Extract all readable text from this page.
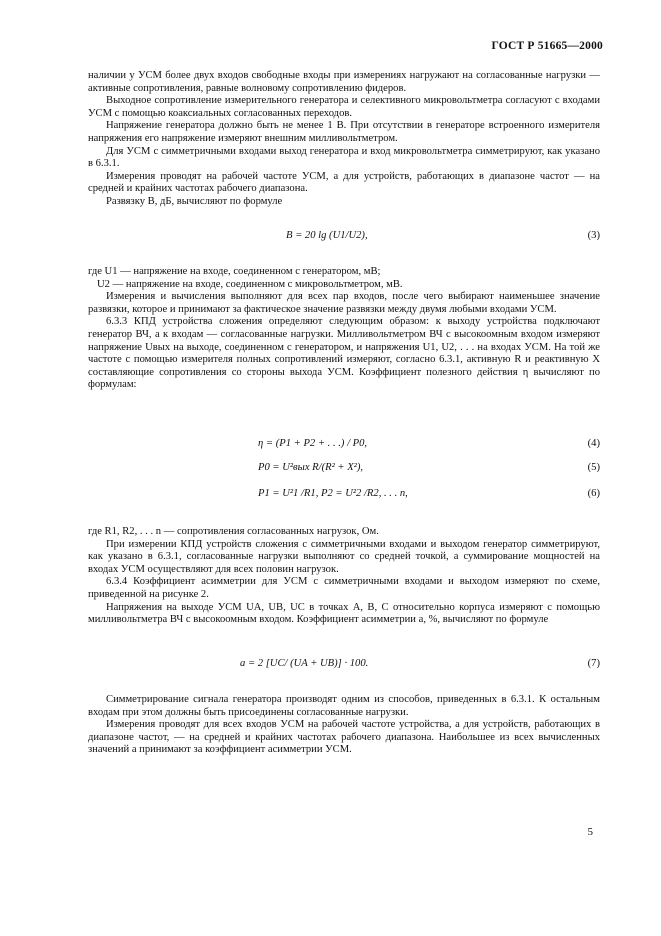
ГОСТ Р 51665—2000

наличии у УСМ более двух входов свободные входы при измерениях нагружают на согласованные нагрузки — активные сопротивления, равные волновому сопротивлению фидеров.

Выходное сопротивление измерительного генератора и селективного микровольтметра согласуют с входами УСМ с помощью коаксиальных согласованных переходов.

Напряжение генератора должно быть не менее 1 В. При отсутствии в генераторе встроенного измерителя напряжения его напряжение измеряют внешним милливольтметром.

Для УСМ с симметричными входами выход генератора и вход микровольтметра симметрируют, как указано в 6.3.1.

Измерения проводят на рабочей частоте УСМ, а для устройств, работающих в диапазоне частот — на средней и крайних частотах рабочего диапазона.

Развязку B, дБ, вычисляют по формуле

B = 20 lg (U1/U2),	(3)

где U1 — напряжение на входе, соединенном с генератором, мВ;

U2 — напряжение на входе, соединенном с микровольтметром, мВ.

Измерения и вычисления выполняют для всех пар входов, после чего выбирают наименьшее значение развязки, которое и принимают за фактическое значение развязки между двумя любыми входами УСМ.

6.3.3 КПД устройства сложения определяют следующим образом: к выходу устройства подключают генератор ВЧ, а к входам — согласованные нагрузки. Милливольтметром ВЧ с высокоомным входом измеряют напряжение Uвых на выходе, соединенном с генератором, и напряжения U1, U2, . . . на входах УСМ. На той же частоте с помощью измерителя полных сопротивлений измеряют, согласно 6.3.1, активную R и реактивную X составляющие сопротивления со стороны выхода УСМ. Коэффициент полезного действия η вычисляют по формулам:

η = (P1 + P2 + . . .) / P0,	(4)
P0 = U²вых R/(R² + X²),	(5)
P1 = U²1 /R1, P2 = U²2 /R2, . . . n,	(6)

где R1, R2, . . . n — сопротивления согласованных нагрузок, Ом.

При измерении КПД устройств сложения с симметричными входами и выходом генератор симметрируют, как указано в 6.3.1, согласованные нагрузки выполняют со средней точкой, а суммирование мощностей на входах УСМ осуществляют для всех половин нагрузок.

6.3.4 Коэффициент асимметрии для УСМ с симметричными входами и выходом измеряют по схеме, приведенной на рисунке 2.

Напряжения на выходе УСМ UA, UB, UC в точках A, B, C относительно корпуса измеряют с помощью милливольтметра ВЧ с высокоомным входом. Коэффициент асимметрии a, %, вычисляют по формуле

a = 2 [UC/ (UA + UB)] · 100.	(7)

Симметрирование сигнала генератора производят одним из способов, приведенных в 6.3.1. К остальным входам при этом должны быть присоединены согласованные нагрузки.

Измерения проводят для всех входов УСМ на рабочей частоте устройства, а для устройств, работающих в диапазоне частот, — на средней и крайних частотах рабочего диапазона. Наибольшее из всех вычисленных значений a принимают за коэффициент асимметрии УСМ.

5
